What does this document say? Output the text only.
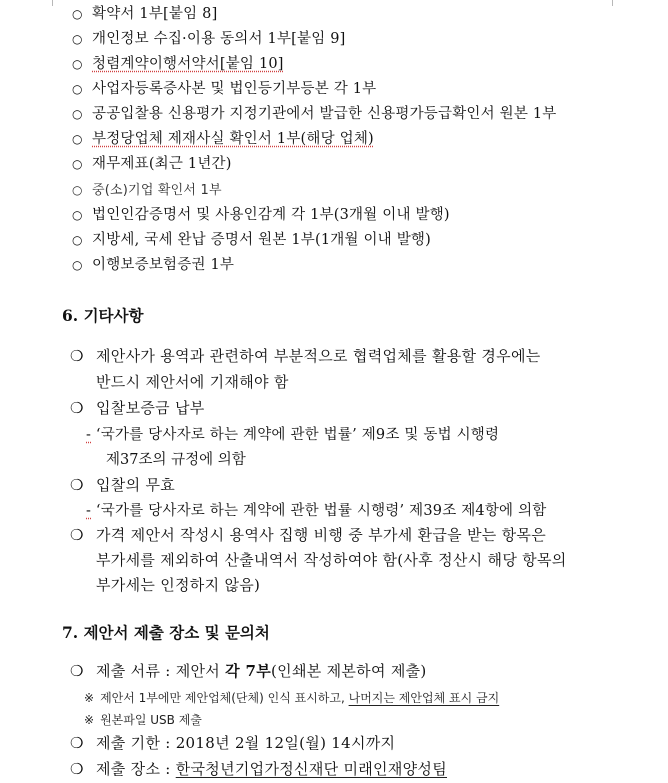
○ 확약서 1부[붙임 8]
○ 개인정보 수집·이용 동의서 1부[붙임 9]
○ 청렴계약이행서약서[붙임 10]
○ 사업자등록증사본 및 법인등기부등본 각 1부
○ 공공입찰용 신용평가 지정기관에서 발급한 신용평가등급확인서 원본 1부
○ 부정당업체 제재사실 확인서 1부(해당 업체)
○ 재무제표(최근 1년간)
○ 중(소)기업 확인서 1부
○ 법인인감증명서 및 사용인감계 각 1부(3개월 이내 발행)
○ 지방세, 국세 완납 증명서 원본 1부(1개월 이내 발행)
○ 이행보증보험증권 1부
6. 기타사항
❍ 제안사가 용역과 관련하여 부분적으로 협력업체를 활용할 경우에는
반드시 제안서에 기재해야 함
❍ 입찰보증금 납부
- ‘국가를 당사자로 하는 계약에 관한 법률’ 제9조 및 동법 시행령
제37조의 규정에 의함
❍ 입찰의 무효
- ‘국가를 당사자로 하는 계약에 관한 법률 시행령’ 제39조 제4항에 의함
❍ 가격 제안서 작성시 용역사 집행 비행 중 부가세 환급을 받는 항목은
부가세를 제외하여 산출내역서 작성하여야 함(사후 정산시 해당 항목의
부가세는 인정하지 않음)
7. 제안서 제출 장소 및 문의처
❍ 제출 서류 : 제안서 각 7부(인쇄본 제본하여 제출)
※ 제안서 1부에만 제안업체(단체) 인식 표시하고, 나머지는 제안업체 표시 금지
※ 원본파일 USB 제출
❍ 제출 기한 : 2018년 2월 12일(월) 14시까지
❍ 제출 장소 : 한국청년기업가정신재단 미래인재양성팀
